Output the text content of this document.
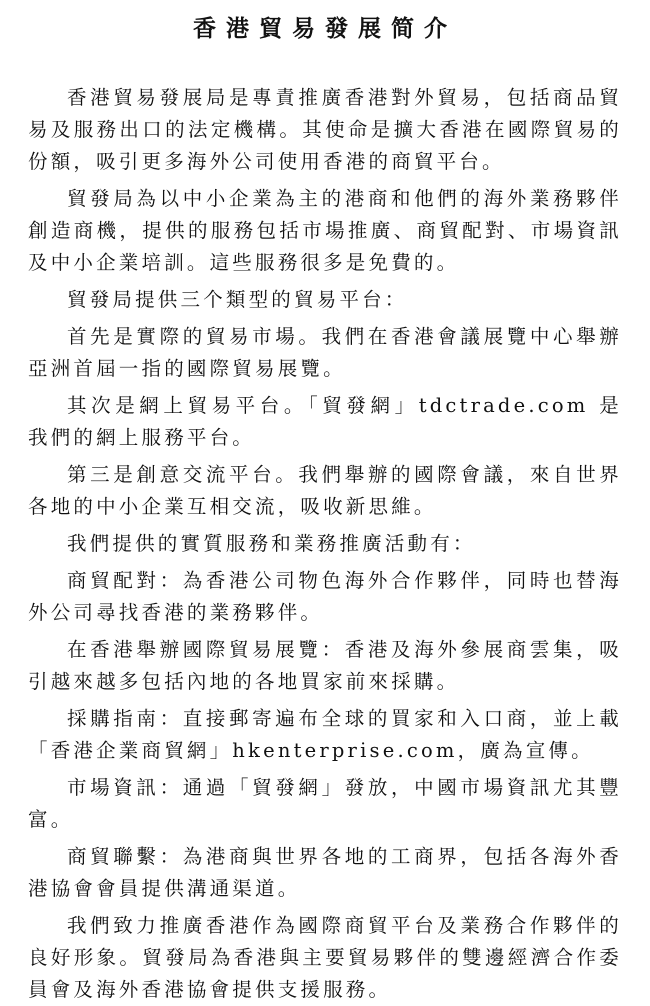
香港貿易發展简介

香港貿易發展局是專責推廣香港對外貿易，包括商品貿易及服務出口的法定機構。其使命是擴大香港在國際貿易的份額，吸引更多海外公司使用香港的商貿平台。

貿發局為以中小企業為主的港商和他們的海外業務夥伴創造商機，提供的服務包括市場推廣、商貿配對、市場資訊及中小企業培訓。這些服務很多是免費的。

貿發局提供三个類型的貿易平台：

首先是實際的貿易市場。我們在香港會議展覽中心舉辦亞洲首屆一指的國際貿易展覽。

其次是網上貿易平台。「貿發網」tdctrade.com 是我們的網上服務平台。

第三是創意交流平台。我們舉辦的國際會議，來自世界各地的中小企業互相交流，吸收新思維。

我們提供的實質服務和業務推廣活動有：

商貿配對：為香港公司物色海外合作夥伴，同時也替海外公司尋找香港的業務夥伴。

在香港舉辦國際貿易展覽：香港及海外參展商雲集，吸引越來越多包括內地的各地買家前來採購。

採購指南：直接郵寄遍布全球的買家和入口商，並上載「香港企業商貿網」hkenterprise.com，廣為宣傳。

市場資訊：通過「貿發網」發放，中國市場資訊尤其豐富。

商貿聯繫：為港商與世界各地的工商界，包括各海外香港協會會員提供溝通渠道。

我們致力推廣香港作為國際商貿平台及業務合作夥伴的良好形象。貿發局為香港與主要貿易夥伴的雙邊經濟合作委員會及海外香港協會提供支援服務。
